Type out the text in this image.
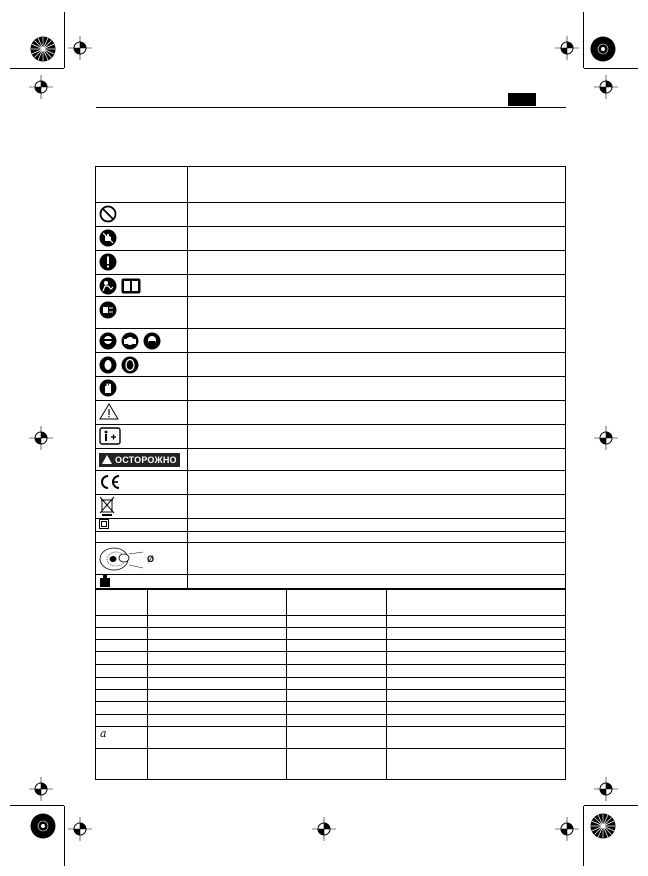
ОСТОРОЖНО	

Ø	

a			
